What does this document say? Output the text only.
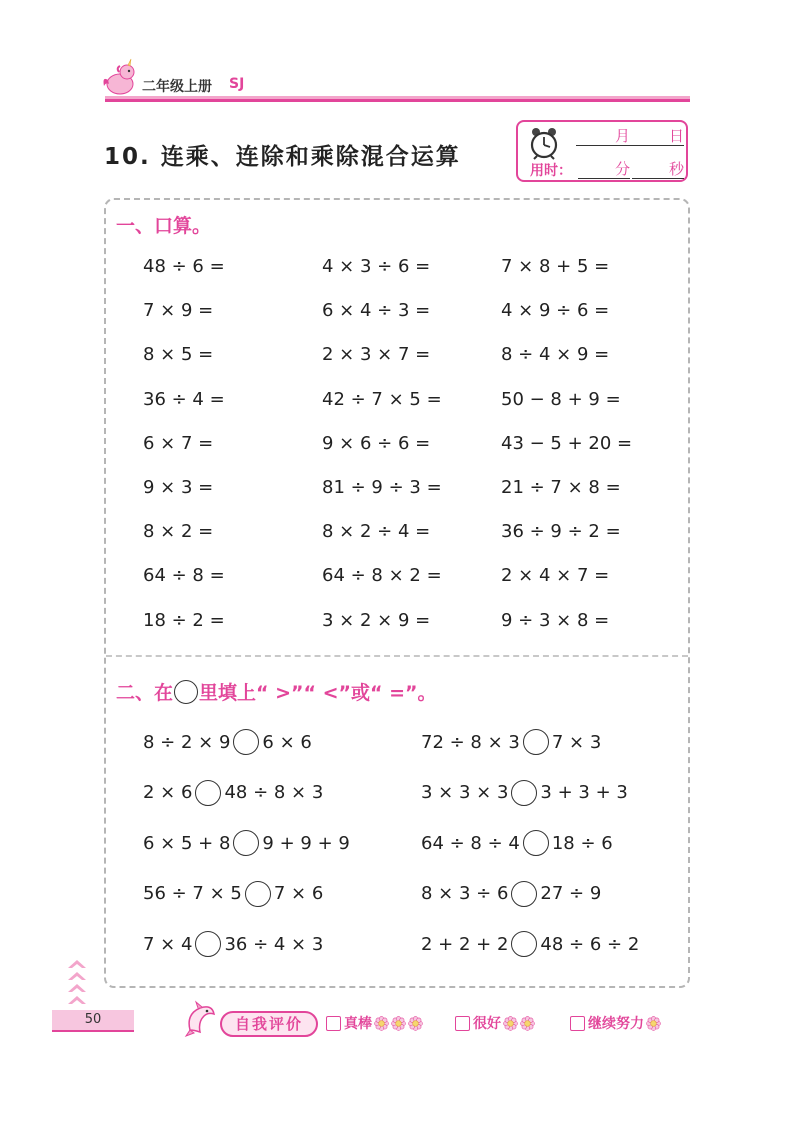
二年级上册 SJ
10. 连乘、连除和乘除混合运算
月	日
用时：	分	秒
一、口算。
48 ÷ 6 =	4 × 3 ÷ 6 =	7 × 8 + 5 =
7 × 9 =	6 × 4 ÷ 3 =	4 × 9 ÷ 6 =
8 × 5 =	2 × 3 × 7 =	8 ÷ 4 × 9 =
36 ÷ 4 =	42 ÷ 7 × 5 =	50 − 8 + 9 =
6 × 7 =	9 × 6 ÷ 6 =	43 − 5 + 20 =
9 × 3 =	81 ÷ 9 ÷ 3 =	21 ÷ 7 × 8 =
8 × 2 =	8 × 2 ÷ 4 =	36 ÷ 9 ÷ 2 =
64 ÷ 8 =	64 ÷ 8 × 2 =	2 × 4 × 7 =
18 ÷ 2 =	3 × 2 × 9 =	9 ÷ 3 × 8 =
二、在 里填上“ >”“ <”或“ =”。
8 ÷ 2 × 9 6 × 6	72 ÷ 8 × 3 7 × 3
2 × 6 48 ÷ 8 × 3	3 × 3 × 3 3 + 3 + 3
6 × 5 + 8 9 + 9 + 9	64 ÷ 8 ÷ 4 18 ÷ 6
56 ÷ 7 × 5 7 × 6	8 × 3 ÷ 6 27 ÷ 9
7 × 4 36 ÷ 4 × 3	2 + 2 + 2 48 ÷ 6 ÷ 2
50	自我评价	真棒	很好	继续努力
